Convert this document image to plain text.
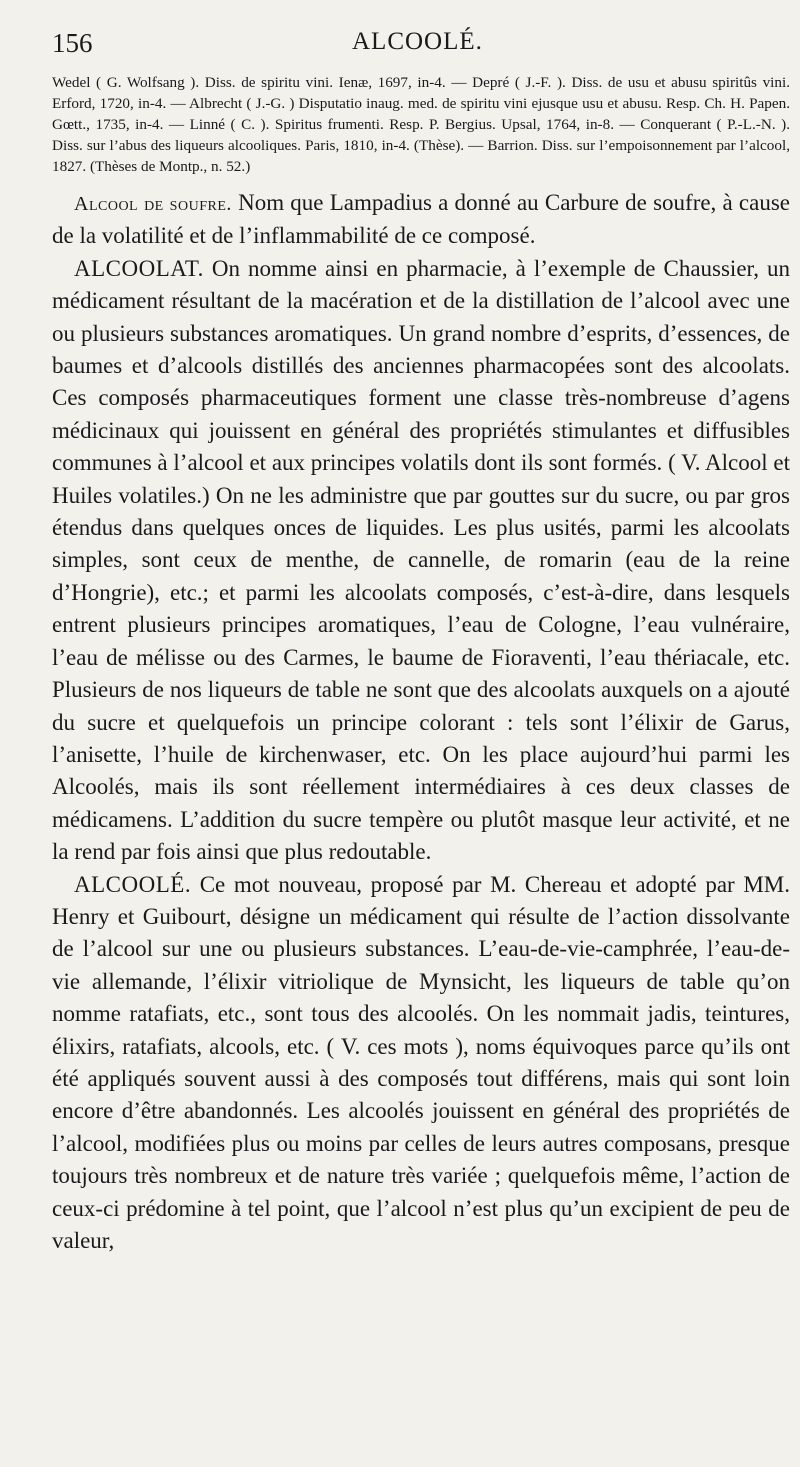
156	ALCOOLÉ.

Wedel ( G. Wolfsang ). Diss. de spiritu vini. Ienæ, 1697, in-4. — Depré ( J.-F. ). Diss. de usu et abusu spiritûs vini. Erford, 1720, in-4. — Albrecht ( J.-G. ) Disputatio inaug. med. de spiritu vini ejusque usu et abusu. Resp. Ch. H. Papen. Gœtt., 1735, in-4. — Linné ( C. ). Spiritus frumenti. Resp. P. Bergius. Upsal, 1764, in-8. — Conquerant ( P.-L.-N. ). Diss. sur l’abus des liqueurs alcooliques. Paris, 1810, in-4. (Thèse). — Barrion. Diss. sur l’empoisonnement par l’alcool, 1827. (Thèses de Montp., n. 52.)

Alcool de soufre. Nom que Lampadius a donné au Carbure de soufre, à cause de la volatilité et de l’inflammabilité de ce composé.

ALCOOLAT. On nomme ainsi en pharmacie, à l’exemple de Chaussier, un médicament résultant de la macération et de la distillation de l’alcool avec une ou plusieurs substances aromatiques. Un grand nombre d’esprits, d’essences, de baumes et d’alcools distillés des anciennes pharmacopées sont des alcoolats. Ces composés pharmaceutiques forment une classe très-nombreuse d’agens médicinaux qui jouissent en général des propriétés stimulantes et diffusibles communes à l’alcool et aux principes volatils dont ils sont formés. ( V. Alcool et Huiles volatiles.) On ne les administre que par gouttes sur du sucre, ou par gros étendus dans quelques onces de liquides. Les plus usités, parmi les alcoolats simples, sont ceux de menthe, de cannelle, de romarin (eau de la reine d’Hongrie), etc.; et parmi les alcoolats composés, c’est-à-dire, dans lesquels entrent plusieurs principes aromatiques, l’eau de Cologne, l’eau vulnéraire, l’eau de mélisse ou des Carmes, le baume de Fioraventi, l’eau thériacale, etc. Plusieurs de nos liqueurs de table ne sont que des alcoolats auxquels on a ajouté du sucre et quelquefois un principe colorant : tels sont l’élixir de Garus, l’anisette, l’huile de kirchenwaser, etc. On les place aujourd’hui parmi les Alcoolés, mais ils sont réellement intermédiaires à ces deux classes de médicamens. L’addition du sucre tempère ou plutôt masque leur activité, et ne la rend par fois ainsi que plus redoutable.

ALCOOLÉ. Ce mot nouveau, proposé par M. Chereau et adopté par MM. Henry et Guibourt, désigne un médicament qui résulte de l’action dissolvante de l’alcool sur une ou plusieurs substances. L’eau-de-vie-camphrée, l’eau-de-vie allemande, l’élixir vitriolique de Mynsicht, les liqueurs de table qu’on nomme ratafiats, etc., sont tous des alcoolés. On les nommait jadis, teintures, élixirs, ratafiats, alcools, etc. ( V. ces mots ), noms équivoques parce qu’ils ont été appliqués souvent aussi à des composés tout différens, mais qui sont loin encore d’être abandonnés. Les alcoolés jouissent en général des propriétés de l’alcool, modifiées plus ou moins par celles de leurs autres composans, presque toujours très nombreux et de nature très variée ; quelquefois même, l’action de ceux-ci prédomine à tel point, que l’alcool n’est plus qu’un excipient de peu de valeur,
